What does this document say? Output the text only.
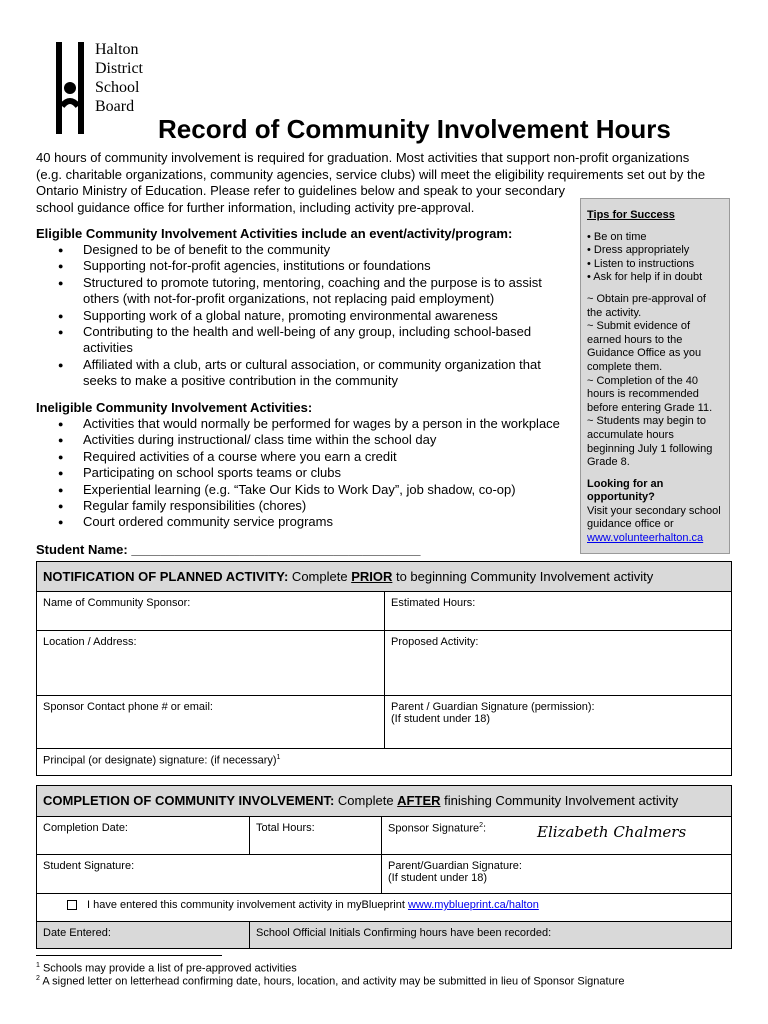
Halton
District
School
Board
Record of Community Involvement Hours
40 hours of community involvement is required for graduation. Most activities that support non-profit organizations
(e.g. charitable organizations, community agencies, service clubs) will meet the eligibility requirements set out by the
Ontario Ministry of Education. Please refer to guidelines below and speak to your secondary
school guidance office for further information, including activity pre-approval.
Eligible Community Involvement Activities include an event/activity/program:
● Designed to be of benefit to the community
● Supporting not-for-profit agencies, institutions or foundations
● Structured to promote tutoring, mentoring, coaching and the purpose is to assist others (with not-for-profit organizations, not replacing paid employment)
● Supporting work of a global nature, promoting environmental awareness
● Contributing to the health and well-being of any group, including school-based activities
● Affiliated with a club, arts or cultural association, or community organization that seeks to make a positive contribution in the community
Ineligible Community Involvement Activities:
● Activities that would normally be performed for wages by a person in the workplace
● Activities during instructional/ class time within the school day
● Required activities of a course where you earn a credit
● Participating on school sports teams or clubs
● Experiential learning (e.g. “Take Our Kids to Work Day”, job shadow, co-op)
● Regular family responsibilities (chores)
● Court ordered community service programs
Tips for Success
• Be on time
• Dress appropriately
• Listen to instructions
• Ask for help if in doubt
~ Obtain pre-approval of the activity.
~ Submit evidence of earned hours to the Guidance Office as you complete them.
~ Completion of the 40 hours is recommended before entering Grade 11.
~ Students may begin to accumulate hours beginning July 1 following Grade 8.
Looking for an opportunity?
Visit your secondary school guidance office or
www.volunteerhalton.ca
Student Name: ________________________________________
NOTIFICATION OF PLANNED ACTIVITY: Complete PRIOR to beginning Community Involvement activity	
Name of Community Sponsor:	Estimated Hours:
Location / Address:	Proposed Activity:
Sponsor Contact phone # or email:	Parent / Guardian Signature (permission):
(If student under 18)

Principal (or designate) signature: (if necessary)$^1$
COMPLETION OF COMMUNITY INVOLVEMENT: Complete AFTER finishing Community Involvement activity		
Completion Date:	Total Hours:	Sponsor Signature$^2$: Elizabeth Chalmers

Student Signature:		Parent/Guardian Signature:
(If student under 18)

I have entered this community involvement activity in myBlueprint www.myblueprint.ca/halton		
Date Entered:	School Official Initials Confirming hours have been recorded:	
$^1$ Schools may provide a list of pre-approved activities
$^2$ A signed letter on letterhead confirming date, hours, location, and activity may be submitted in lieu of Sponsor Signature
